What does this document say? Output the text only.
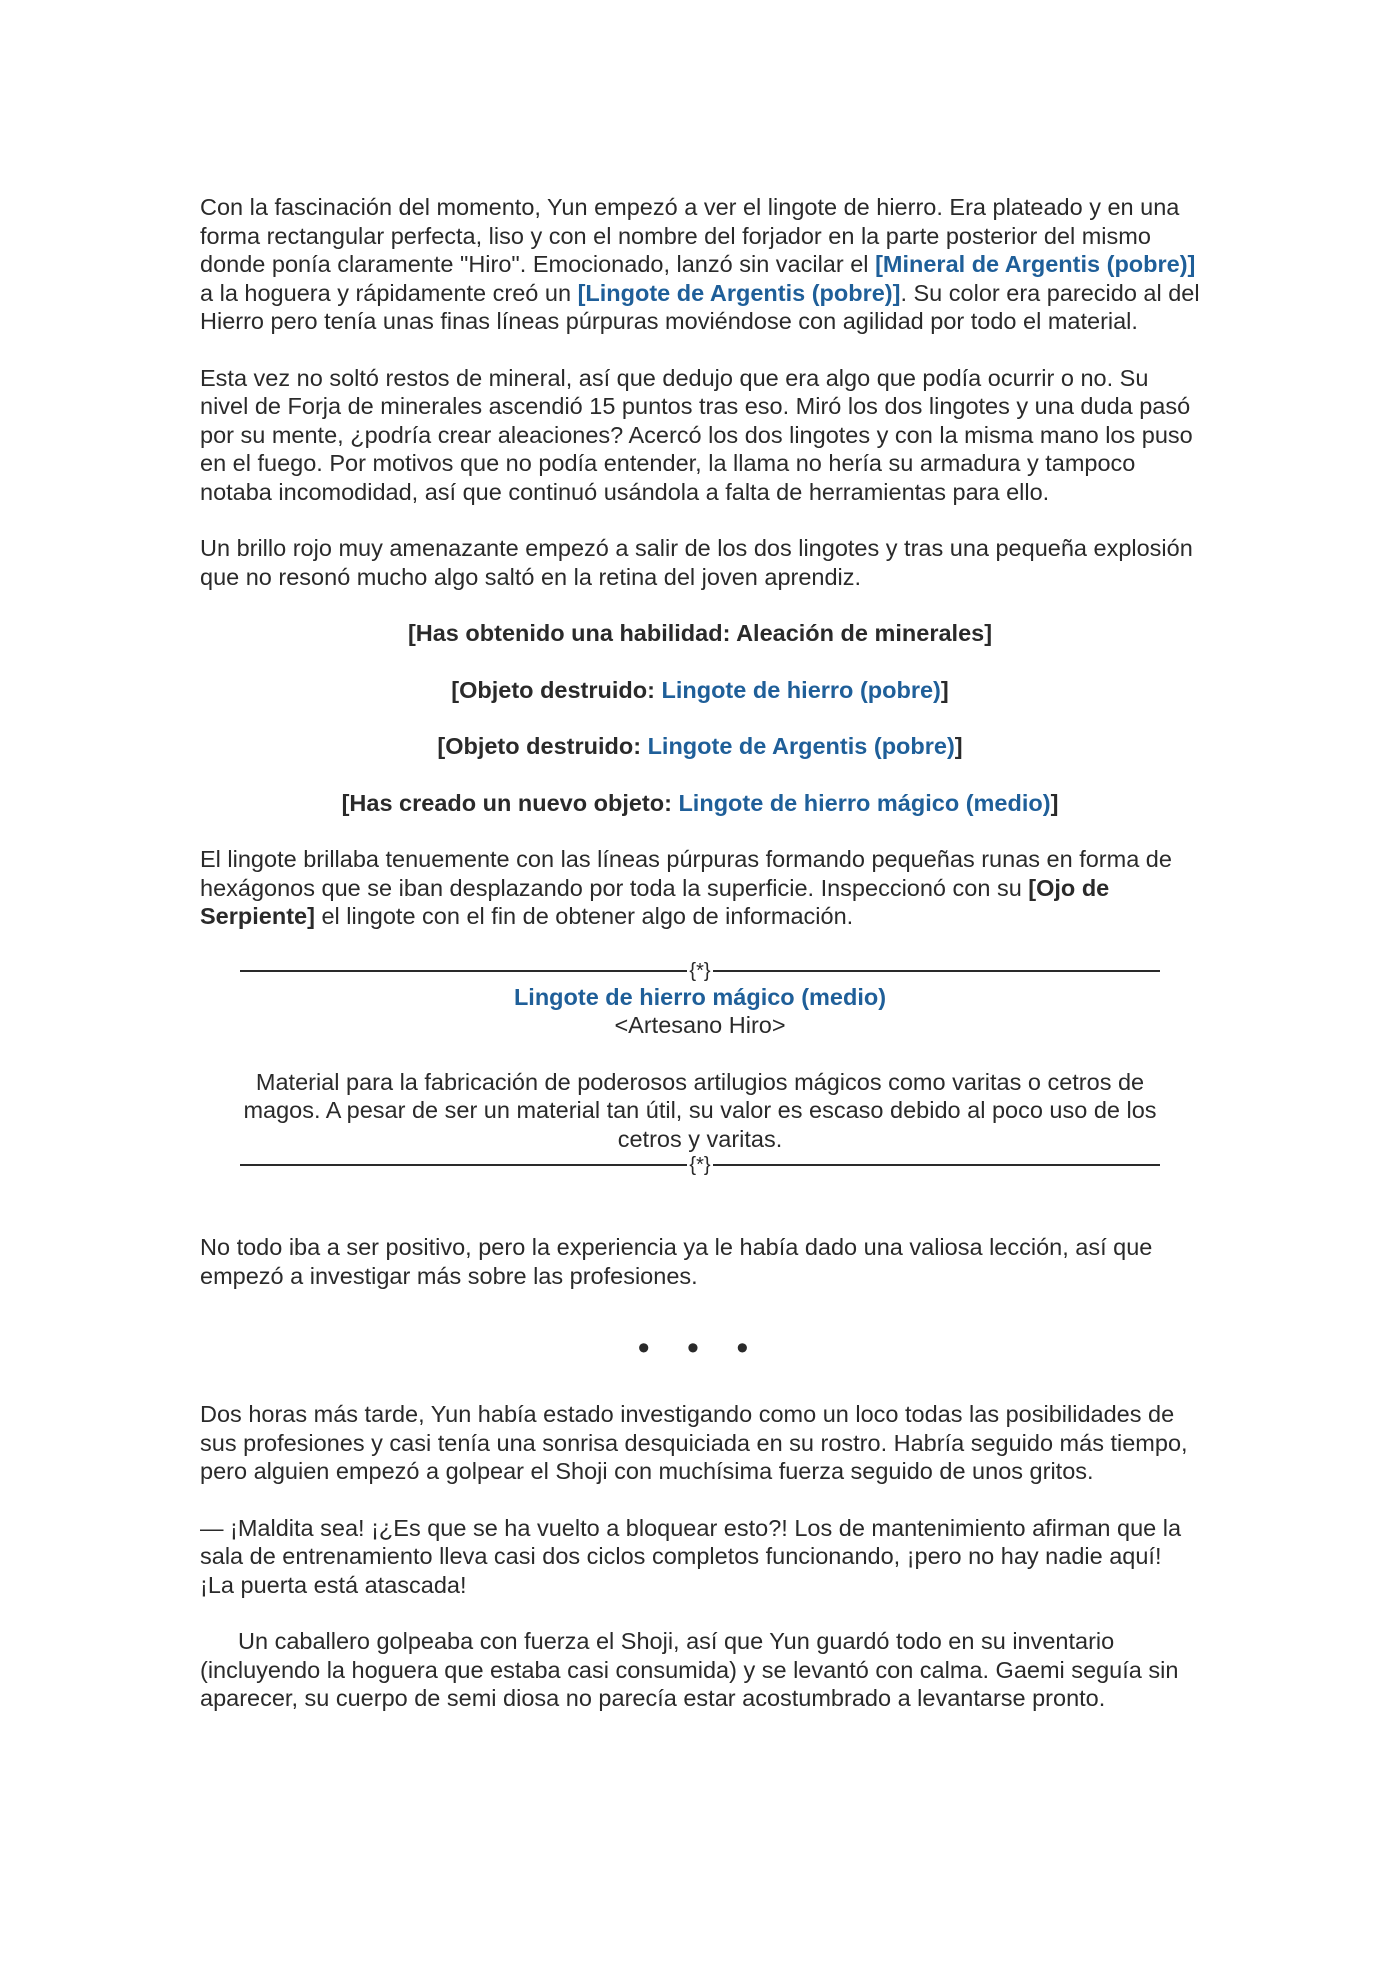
Con la fascinación del momento, Yun empezó a ver el lingote de hierro. Era plateado y en una forma rectangular perfecta, liso y con el nombre del forjador en la parte posterior del mismo donde ponía claramente "Hiro". Emocionado, lanzó sin vacilar el [Mineral de Argentis (pobre)] a la hoguera y rápidamente creó un [Lingote de Argentis (pobre)]. Su color era parecido al del Hierro pero tenía unas finas líneas púrpuras moviéndose con agilidad por todo el material.

Esta vez no soltó restos de mineral, así que dedujo que era algo que podía ocurrir o no. Su nivel de Forja de minerales ascendió 15 puntos tras eso. Miró los dos lingotes y una duda pasó por su mente, ¿podría crear aleaciones? Acercó los dos lingotes y con la misma mano los puso en el fuego. Por motivos que no podía entender, la llama no hería su armadura y tampoco notaba incomodidad, así que continuó usándola a falta de herramientas para ello.

Un brillo rojo muy amenazante empezó a salir de los dos lingotes y tras una pequeña explosión que no resonó mucho algo saltó en la retina del joven aprendiz.

[Has obtenido una habilidad: Aleación de minerales]

[Objeto destruido: Lingote de hierro (pobre)]

[Objeto destruido: Lingote de Argentis (pobre)]

[Has creado un nuevo objeto: Lingote de hierro mágico (medio)]

El lingote brillaba tenuemente con las líneas púrpuras formando pequeñas runas en forma de hexágonos que se iban desplazando por toda la superficie. Inspeccionó con su [Ojo de Serpiente] el lingote con el fin de obtener algo de información.

{*}
Lingote de hierro mágico (medio)
<Artesano Hiro>
Material para la fabricación de poderosos artilugios mágicos como varitas o cetros de magos. A pesar de ser un material tan útil, su valor es escaso debido al poco uso de los cetros y varitas.
{*}

No todo iba a ser positivo, pero la experiencia ya le había dado una valiosa lección, así que empezó a investigar más sobre las profesiones.

• • •

Dos horas más tarde, Yun había estado investigando como un loco todas las posibilidades de sus profesiones y casi tenía una sonrisa desquiciada en su rostro. Habría seguido más tiempo, pero alguien empezó a golpear el Shoji con muchísima fuerza seguido de unos gritos.

— ¡Maldita sea! ¡¿Es que se ha vuelto a bloquear esto?! Los de mantenimiento afirman que la sala de entrenamiento lleva casi dos ciclos completos funcionando, ¡pero no hay nadie aquí! ¡La puerta está atascada!

Un caballero golpeaba con fuerza el Shoji, así que Yun guardó todo en su inventario (incluyendo la hoguera que estaba casi consumida) y se levantó con calma. Gaemi seguía sin aparecer, su cuerpo de semi diosa no parecía estar acostumbrado a levantarse pronto.
